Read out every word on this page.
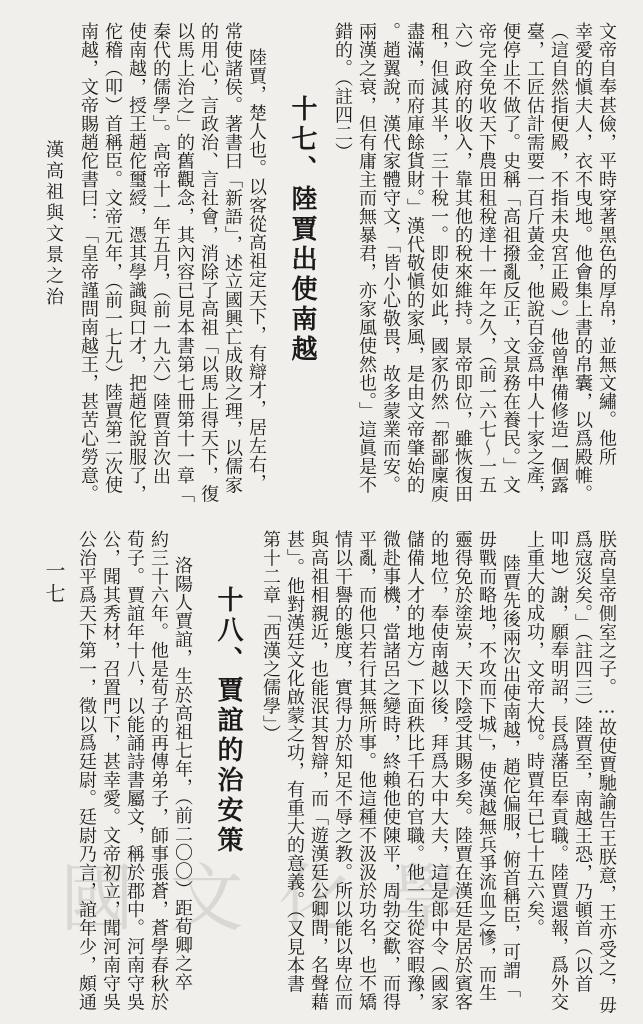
漢高祖與文景之治
一七
文帝自奉甚儉，平時穿著黑色的厚帛，並無文繡。他所
幸愛的愼夫人，衣不曳地。他會集上書的帛囊，以爲殿帷。
（這自然指便殿，不指未央宮正殿。）他曾準備修造一個露
臺，工匠估計需要一百斤黃金，他說百金爲中人十家之產，
便停止不做了。史稱「高祖撥亂反正，文景務在養民。」文
帝完全免收天下農田租稅達十一年之久，（前一六七～一五
六）政府的收入，靠其他的稅來維持。景帝即位，雖恢復田
租，但減其半，三十稅一。即使如此，國家仍然「都鄙廩庾
盡滿，而府庫餘貨財。」漢代敬愼的家風，是由文帝肇始的
。趙翼說，漢代家體守文，「皆小心敬畏，故多蒙業而安。
兩漢之衰，但有庸主而無暴君，亦家風使然也。」這眞是不
錯的。（註四二）
十七、陸賈出使南越
陸賈，楚人也。以客從高祖定天下，有辯才，居左右，
常使諸侯。著書曰「新語」，述立國興亡成敗之理，以儒家
的用心，言政治、言社會，消除了高祖「以馬上得天下，復
以馬上治之」的舊觀念，其內容已見本書第七冊第十一章「
秦代的儒學」。高帝十一年五月，（前一九六）陸賈首次出
使南越，授王趙佗璽綬，憑其學識與口才，把趙佗說服了，
佗稽（叩）首稱臣。文帝元年，（前一七九）陸賈第二次使
南越，文帝賜趙佗書曰：「皇帝謹問南越王，甚苦心勞意。
朕高皇帝側室之子。…故使賈馳諭告王朕意，王亦受之，毋
爲寇災矣。」（註四三）陸賈至，南越王恐，乃頓首（以首
叩地）謝，願奉明詔，長爲藩臣奉貢職。陸賈還報，爲外交
上重大的成功，文帝大悅。時賈年已七十五六矣。
陸賈先後兩次出使南越，趙佗偏服，俯首稱臣，可謂「
毋戰而略地，不攻而下城」，使漢越無兵爭流血之慘，而生
靈得免於塗炭，天下陰受其賜多矣。陸賈在漢廷是居於賓客
的地位，奉使南越以後，拜爲大中大夫，這是郎中令（國家
儲備人才的地方）下面秩比千石的官職。他一生從容暇豫，
微赴事機，當諸呂之變時，終賴他使陳平，周勃交歡，而得
平亂，而他只若行其無所事。他這種不汲汲於功名，也不矯
情以干譽的態度，實得力於知足不辱之教。所以能以卑位而
與高祖相親近，也能泯其智辯，而「遊漢廷公卿間，名聲藉
甚」。他對漢廷文化啟蒙之功，有重大的意義。（又見本書
第十二章「西漢之儒學」）
十八、賈誼的治安策
洛陽人賈誼，生於高祖七年，（前二〇〇）距荀卿之卒
約三十六年。他是荀子的再傳弟子，師事張蒼，蒼學春秋於
荀子。賈誼年十八，以能誦詩書屬文，稱於郡中。河南守吳
公，聞其秀材，召置門下，甚幸愛。文帝初立，聞河南守吳
公治平爲天下第一，徵以爲廷尉。廷尉乃言，誼年少，頗通
國 文 化 學
